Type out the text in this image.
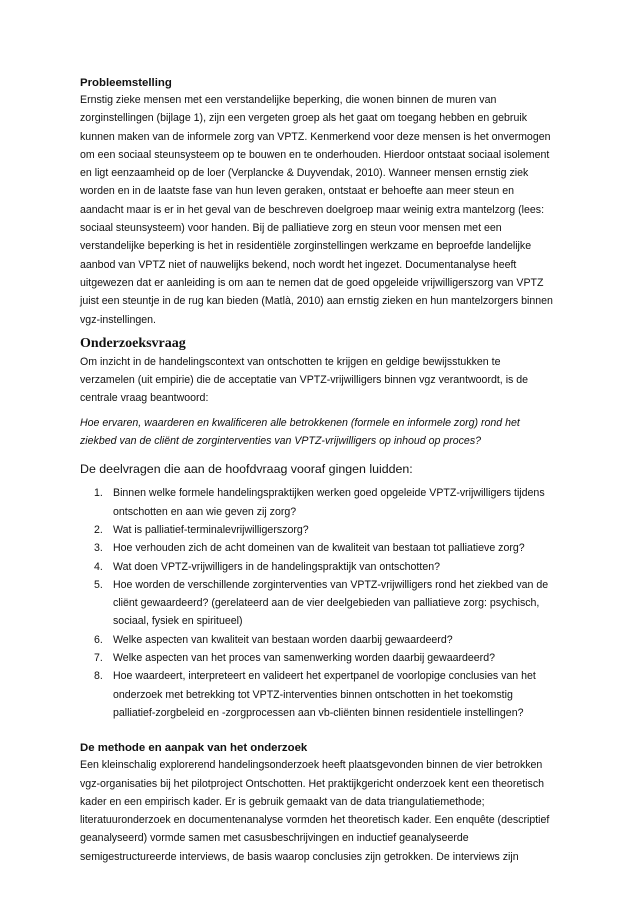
Probleemstelling
Ernstig zieke mensen met een verstandelijke beperking, die wonen binnen de muren van
zorginstellingen (bijlage 1), zijn een vergeten groep als het gaat om toegang hebben en gebruik
kunnen maken van de informele zorg van VPTZ. Kenmerkend voor deze mensen is het onvermogen
om een sociaal steunsysteem op te bouwen en te onderhouden. Hierdoor ontstaat sociaal isolement
en ligt eenzaamheid op de loer (Verplancke & Duyvendak, 2010). Wanneer mensen ernstig ziek
worden en in de laatste fase van hun leven geraken, ontstaat er behoefte aan meer steun en
aandacht maar is er in het geval van de beschreven doelgroep maar weinig extra mantelzorg (lees:
sociaal steunsysteem) voor handen. Bij de palliatieve zorg en steun voor mensen met een
verstandelijke beperking is het in residentiële zorginstellingen werkzame en beproefde landelijke
aanbod van VPTZ niet of nauwelijks bekend, noch wordt het ingezet. Documentanalyse heeft
uitgewezen dat er aanleiding is om aan te nemen dat de goed opgeleide vrijwilligerszorg van VPTZ
juist een steuntje in de rug kan bieden (Matlà, 2010) aan ernstig zieken en hun mantelzorgers binnen
vgz-instellingen.
Onderzoeksvraag
Om inzicht in de handelingscontext van ontschotten te krijgen en geldige bewijsstukken te
verzamelen (uit empirie) die de acceptatie van VPTZ-vrijwilligers binnen vgz verantwoordt, is de
centrale vraag beantwoord:
Hoe ervaren, waarderen en kwalificeren alle betrokkenen (formele en informele zorg) rond het
ziekbed van de cliënt de zorginterventies van VPTZ-vrijwilligers op inhoud op proces?
De deelvragen die aan de hoofdvraag vooraf gingen luidden:
1. Binnen welke formele handelingspraktijken werken goed opgeleide VPTZ-vrijwilligers tijdens
ontschotten en aan wie geven zij zorg?
2. Wat is palliatief-terminalevrijwilligerszorg?
3. Hoe verhouden zich de acht domeinen van de kwaliteit van bestaan tot palliatieve zorg?
4. Wat doen VPTZ-vrijwilligers in de handelingspraktijk van ontschotten?
5. Hoe worden de verschillende zorginterventies van VPTZ-vrijwilligers rond het ziekbed van de
cliënt gewaardeerd? (gerelateerd aan de vier deelgebieden van palliatieve zorg: psychisch,
sociaal, fysiek en spiritueel)
6. Welke aspecten van kwaliteit van bestaan worden daarbij gewaardeerd?
7. Welke aspecten van het proces van samenwerking worden daarbij gewaardeerd?
8. Hoe waardeert, interpreteert en valideert het expertpanel de voorlopige conclusies van het
onderzoek met betrekking tot VPTZ-interventies binnen ontschotten in het toekomstig
palliatief-zorgbeleid en -zorgprocessen aan vb-cliënten binnen residentiele instellingen?
De methode en aanpak van het onderzoek
Een kleinschalig explorerend handelingsonderzoek heeft plaatsgevonden binnen de vier betrokken
vgz-organisaties bij het pilotproject Ontschotten. Het praktijkgericht onderzoek kent een theoretisch
kader en een empirisch kader. Er is gebruik gemaakt van de data triangulatiemethode;
literatuuronderzoek en documentenanalyse vormden het theoretisch kader. Een enquête (descriptief
geanalyseerd) vormde samen met casusbeschrijvingen en inductief geanalyseerde
semigestructureerde interviews, de basis waarop conclusies zijn getrokken. De interviews zijn
